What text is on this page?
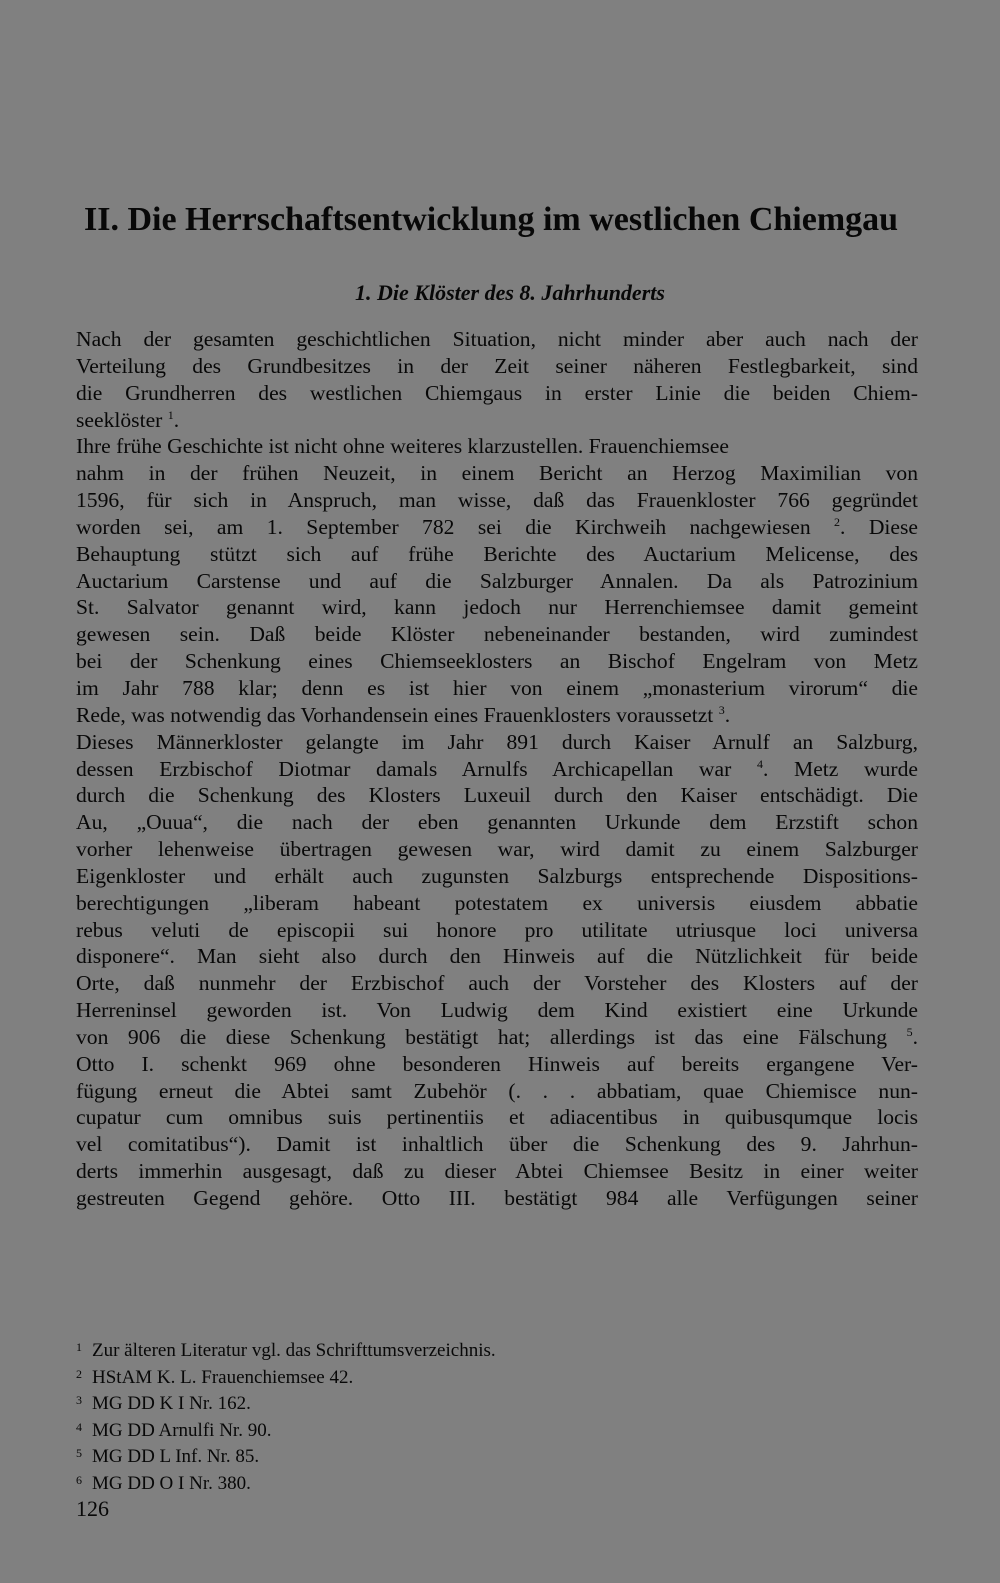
II. Die Herrschaftsentwicklung im westlichen Chiemgau
1. Die Klöster des 8. Jahrhunderts
Nach der gesamten geschichtlichen Situation, nicht minder aber auch nach der
Verteilung des Grundbesitzes in der Zeit seiner näheren Festlegbarkeit, sind
die Grundherren des westlichen Chiemgaus in erster Linie die beiden Chiem-
seeklöster $^1$.
Ihre frühe Geschichte ist nicht ohne weiteres klarzustellen. Frauenchiemsee
nahm in der frühen Neuzeit, in einem Bericht an Herzog Maximilian von
1596, für sich in Anspruch, man wisse, daß das Frauenkloster 766 gegründet
worden sei, am 1. September 782 sei die Kirchweih nachgewiesen $^2$. Diese
Behauptung stützt sich auf frühe Berichte des Auctarium Melicense, des
Auctarium Carstense und auf die Salzburger Annalen. Da als Patrozinium
St. Salvator genannt wird, kann jedoch nur Herrenchiemsee damit gemeint
gewesen sein. Daß beide Klöster nebeneinander bestanden, wird zumindest
bei der Schenkung eines Chiemseeklosters an Bischof Engelram von Metz
im Jahr 788 klar; denn es ist hier von einem „monasterium virorum“ die
Rede, was notwendig das Vorhandensein eines Frauenklosters voraussetzt $^3$.
Dieses Männerkloster gelangte im Jahr 891 durch Kaiser Arnulf an Salzburg,
dessen Erzbischof Diotmar damals Arnulfs Archicapellan war $^4$. Metz wurde
durch die Schenkung des Klosters Luxeuil durch den Kaiser entschädigt. Die
Au, „Ouua“, die nach der eben genannten Urkunde dem Erzstift schon
vorher lehenweise übertragen gewesen war, wird damit zu einem Salzburger
Eigenkloster und erhält auch zugunsten Salzburgs entsprechende Dispositions-
berechtigungen „liberam habeant potestatem ex universis eiusdem abbatie
rebus veluti de episcopii sui honore pro utilitate utriusque loci universa
disponere“. Man sieht also durch den Hinweis auf die Nützlichkeit für beide
Orte, daß nunmehr der Erzbischof auch der Vorsteher des Klosters auf der
Herreninsel geworden ist. Von Ludwig dem Kind existiert eine Urkunde
von 906 die diese Schenkung bestätigt hat; allerdings ist das eine Fälschung $^5$.
Otto I. schenkt 969 ohne besonderen Hinweis auf bereits ergangene Ver-
fügung erneut die Abtei samt Zubehör (. . . abbatiam, quae Chiemisce nun-
cupatur cum omnibus suis pertinentiis et adiacentibus in quibusqumque locis
vel comitatibus“). Damit ist inhaltlich über die Schenkung des 9. Jahrhun-
derts immerhin ausgesagt, daß zu dieser Abtei Chiemsee Besitz in einer weiter
gestreuten Gegend gehöre. Otto III. bestätigt 984 alle Verfügungen seiner
1 Zur älteren Literatur vgl. das Schrifttumsverzeichnis.
2 HStAM K. L. Frauenchiemsee 42.
3 MG DD K I Nr. 162.
4 MG DD Arnulfi Nr. 90.
5 MG DD L Inf. Nr. 85.
6 MG DD O I Nr. 380.
126
